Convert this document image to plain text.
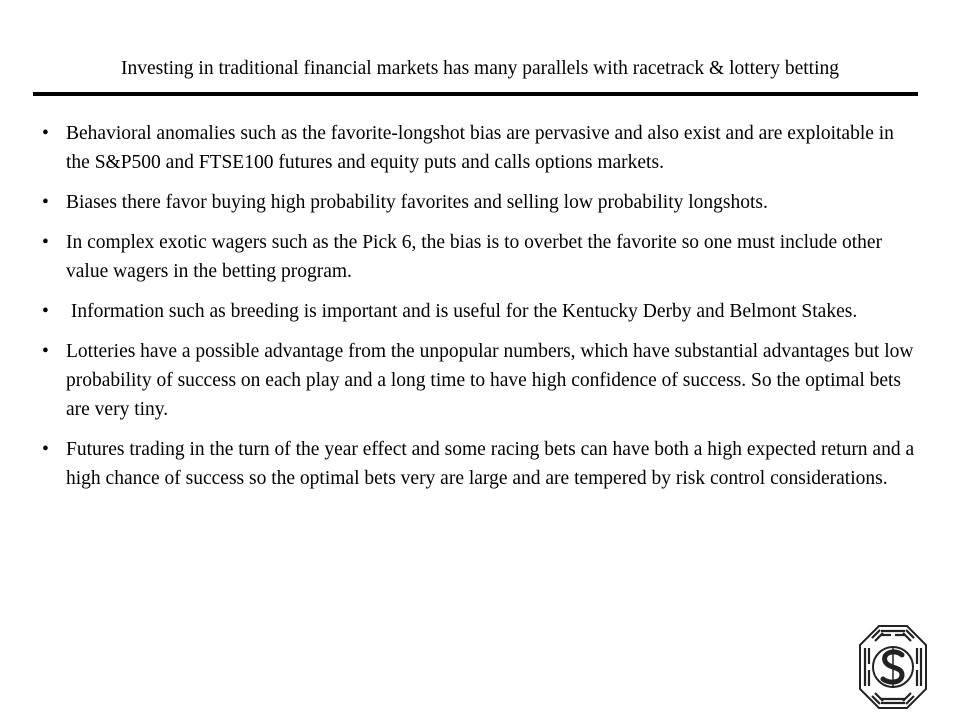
Investing in traditional financial markets has many parallels with racetrack & lottery betting
• Behavioral anomalies such as the favorite-longshot bias are pervasive and also exist and are exploitable in the S&P500 and FTSE100 futures and equity puts and calls options markets.
• Biases there favor buying high probability favorites and selling low probability longshots.
• In complex exotic wagers such as the Pick 6, the bias is to overbet the favorite so one must include other value wagers in the betting program.
• Information such as breeding is important and is useful for the Kentucky Derby and Belmont Stakes.
• Lotteries have a possible advantage from the unpopular numbers, which have substantial advantages but low probability of success on each play and a long time to have high confidence of success. So the optimal bets are very tiny.
• Futures trading in the turn of the year effect and some racing bets can have both a high expected return and a high chance of success so the optimal bets very are large and are tempered by risk control considerations.
